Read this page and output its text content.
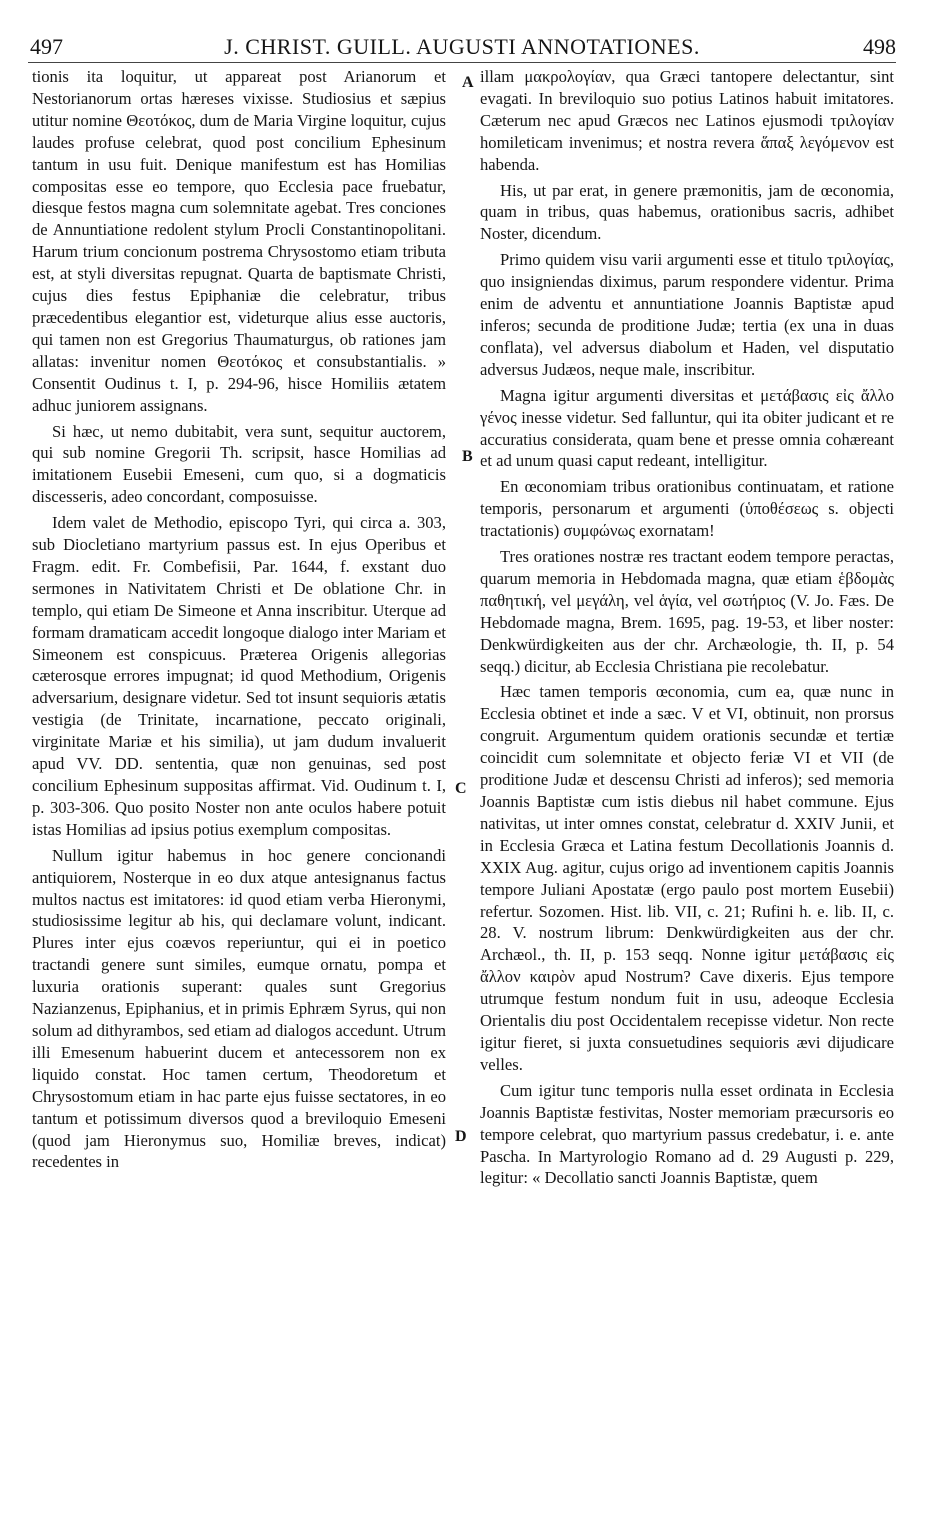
497	J. CHRIST. GUILL. AUGUSTI ANNOTATIONES.	498

tionis ita loquitur, ut appareat post Arianorum et Nestorianorum ortas hæreses vixisse. Studiosius et sæpius utitur nomine Θεοτόκος, dum de Maria Virgine loquitur, cujus laudes profuse celebrat, quod post concilium Ephesinum tantum in usu fuit. Denique manifestum est has Homilias compositas esse eo tempore, quo Ecclesia pace fruebatur, diesque festos magna cum solemnitate agebat. Tres conciones de Annuntiatione redolent stylum Procli Constantinopolitani. Harum trium concionum postrema Chrysostomo etiam tributa est, at styli diversitas repugnat. Quarta de baptismate Christi, cujus dies festus Epiphaniæ die celebratur, tribus præcedentibus elegantior est, videturque alius esse auctoris, qui tamen non est Gregorius Thaumaturgus, ob rationes jam allatas: invenitur nomen Θεοτόκος et consubstantialis. » Consentit Oudinus t. I, p. 294-96, hisce Homiliis ætatem adhuc juniorem assignans.

Si hæc, ut nemo dubitabit, vera sunt, sequitur auctorem, qui sub nomine Gregorii Th. scripsit, hasce Homilias ad imitationem Eusebii Emeseni, cum quo, si a dogmaticis discesseris, adeo concordant, composuisse.

Idem valet de Methodio, episcopo Tyri, qui circa a. 303, sub Diocletiano martyrium passus est. In ejus Operibus et Fragm. edit. Fr. Combefisii, Par. 1644, f. exstant duo sermones in Nativitatem Christi et De oblatione Chr. in templo, qui etiam De Simeone et Anna inscribitur. Uterque ad formam dramaticam accedit longoque dialogo inter Mariam et Simeonem est conspicuus. Præterea Origenis allegorias cæterosque errores impugnat; id quod Methodium, Origenis adversarium, designare videtur. Sed tot insunt sequioris ætatis vestigia (de Trinitate, incarnatione, peccato originali, virginitate Mariæ et his similia), ut jam dudum invaluerit apud VV. DD. sententia, quæ non genuinas, sed post concilium Ephesinum suppositas affirmat. Vid. Oudinum t. I, p. 303-306. Quo posito Noster non ante oculos habere potuit istas Homilias ad ipsius potius exemplum compositas.

Nullum igitur habemus in hoc genere concionandi antiquiorem, Nosterque in eo dux atque antesignanus factus multos nactus est imitatores: id quod etiam verba Hieronymi, studiosissime legitur ab his, qui declamare volunt, indicant. Plures inter ejus coævos reperiuntur, qui ei in poetico tractandi genere sunt similes, eumque ornatu, pompa et luxuria orationis superant: quales sunt Gregorius Nazianzenus, Epiphanius, et in primis Ephræm Syrus, qui non solum ad dithyrambos, sed etiam ad dialogos accedunt. Utrum illi Emesenum habuerint ducem et antecessorem non ex liquido constat. Hoc tamen certum, Theodoretum et Chrysostomum etiam in hac parte ejus fuisse sectatores, in eo tantum et potissimum diversos quod a breviloquio Emeseni (quod jam Hieronymus suo, Homiliæ breves, indicat) recedentes in

illam μακρολογίαν, qua Græci tantopere delectantur, sint evagati. In breviloquio suo potius Latinos habuit imitatores. Cæterum nec apud Græcos nec Latinos ejusmodi τριλογίαν homileticam invenimus; et nostra revera ἅπαξ λεγόμενον est habenda.

His, ut par erat, in genere præmonitis, jam de œconomia, quam in tribus, quas habemus, orationibus sacris, adhibet Noster, dicendum.

Primo quidem visu varii argumenti esse et titulo τριλογίας, quo insigniendas diximus, parum respondere videntur. Prima enim de adventu et annuntiatione Joannis Baptistæ apud inferos; secunda de proditione Judæ; tertia (ex una in duas conflata), vel adversus diabolum et Haden, vel disputatio adversus Judæos, neque male, inscribitur.

Magna igitur argumenti diversitas et μετάβασις εἰς ἄλλο γένος inesse videtur. Sed falluntur, qui ita obiter judicant et re accuratius considerata, quam bene et presse omnia cohæreant et ad unum quasi caput redeant, intelligitur.

En œconomiam tribus orationibus continuatam, et ratione temporis, personarum et argumenti (ὑποθέσεως s. objecti tractationis) συμφώνως exornatam!

Tres orationes nostræ res tractant eodem tempore peractas, quarum memoria in Hebdomada magna, quæ etiam ἑβδομὰς παθητική, vel μεγάλη, vel ἁγία, vel σωτήριος (V. Jo. Fæs. De Hebdomade magna, Brem. 1695, pag. 19-53, et liber noster: Denkwürdigkeiten aus der chr. Archæologie, th. II, p. 54 seqq.) dicitur, ab Ecclesia Christiana pie recolebatur.

Hæc tamen temporis œconomia, cum ea, quæ nunc in Ecclesia obtinet et inde a sæc. V et VI, obtinuit, non prorsus congruit. Argumentum quidem orationis secundæ et tertiæ coincidit cum solemnitate et objecto feriæ VI et VII (de proditione Judæ et descensu Christi ad inferos); sed memoria Joannis Baptistæ cum istis diebus nil habet commune. Ejus nativitas, ut inter omnes constat, celebratur d. XXIV Junii, et in Ecclesia Græca et Latina festum Decollationis Joannis d. XXIX Aug. agitur, cujus origo ad inventionem capitis Joannis tempore Juliani Apostatæ (ergo paulo post mortem Eusebii) refertur. Sozomen. Hist. lib. VII, c. 21; Rufini h. e. lib. II, c. 28. V. nostrum librum: Denkwürdigkeiten aus der chr. Archæol., th. II, p. 153 seqq. Nonne igitur μετάβασις εἰς ἄλλον καιρὸν apud Nostrum? Cave dixeris. Ejus tempore utrumque festum nondum fuit in usu, adeoque Ecclesia Orientalis diu post Occidentalem recepisse videtur. Non recte igitur fieret, si juxta consuetudines sequioris ævi dijudicare velles.

Cum igitur tunc temporis nulla esset ordinata in Ecclesia Joannis Baptistæ festivitas, Noster memoriam præcursoris eo tempore celebrat, quo martyrium passus credebatur, i. e. ante Pascha. In Martyrologio Romano ad d. 29 Augusti p. 229, legitur: « Decollatio sancti Joannis Baptistæ, quem

A
B
C
D
